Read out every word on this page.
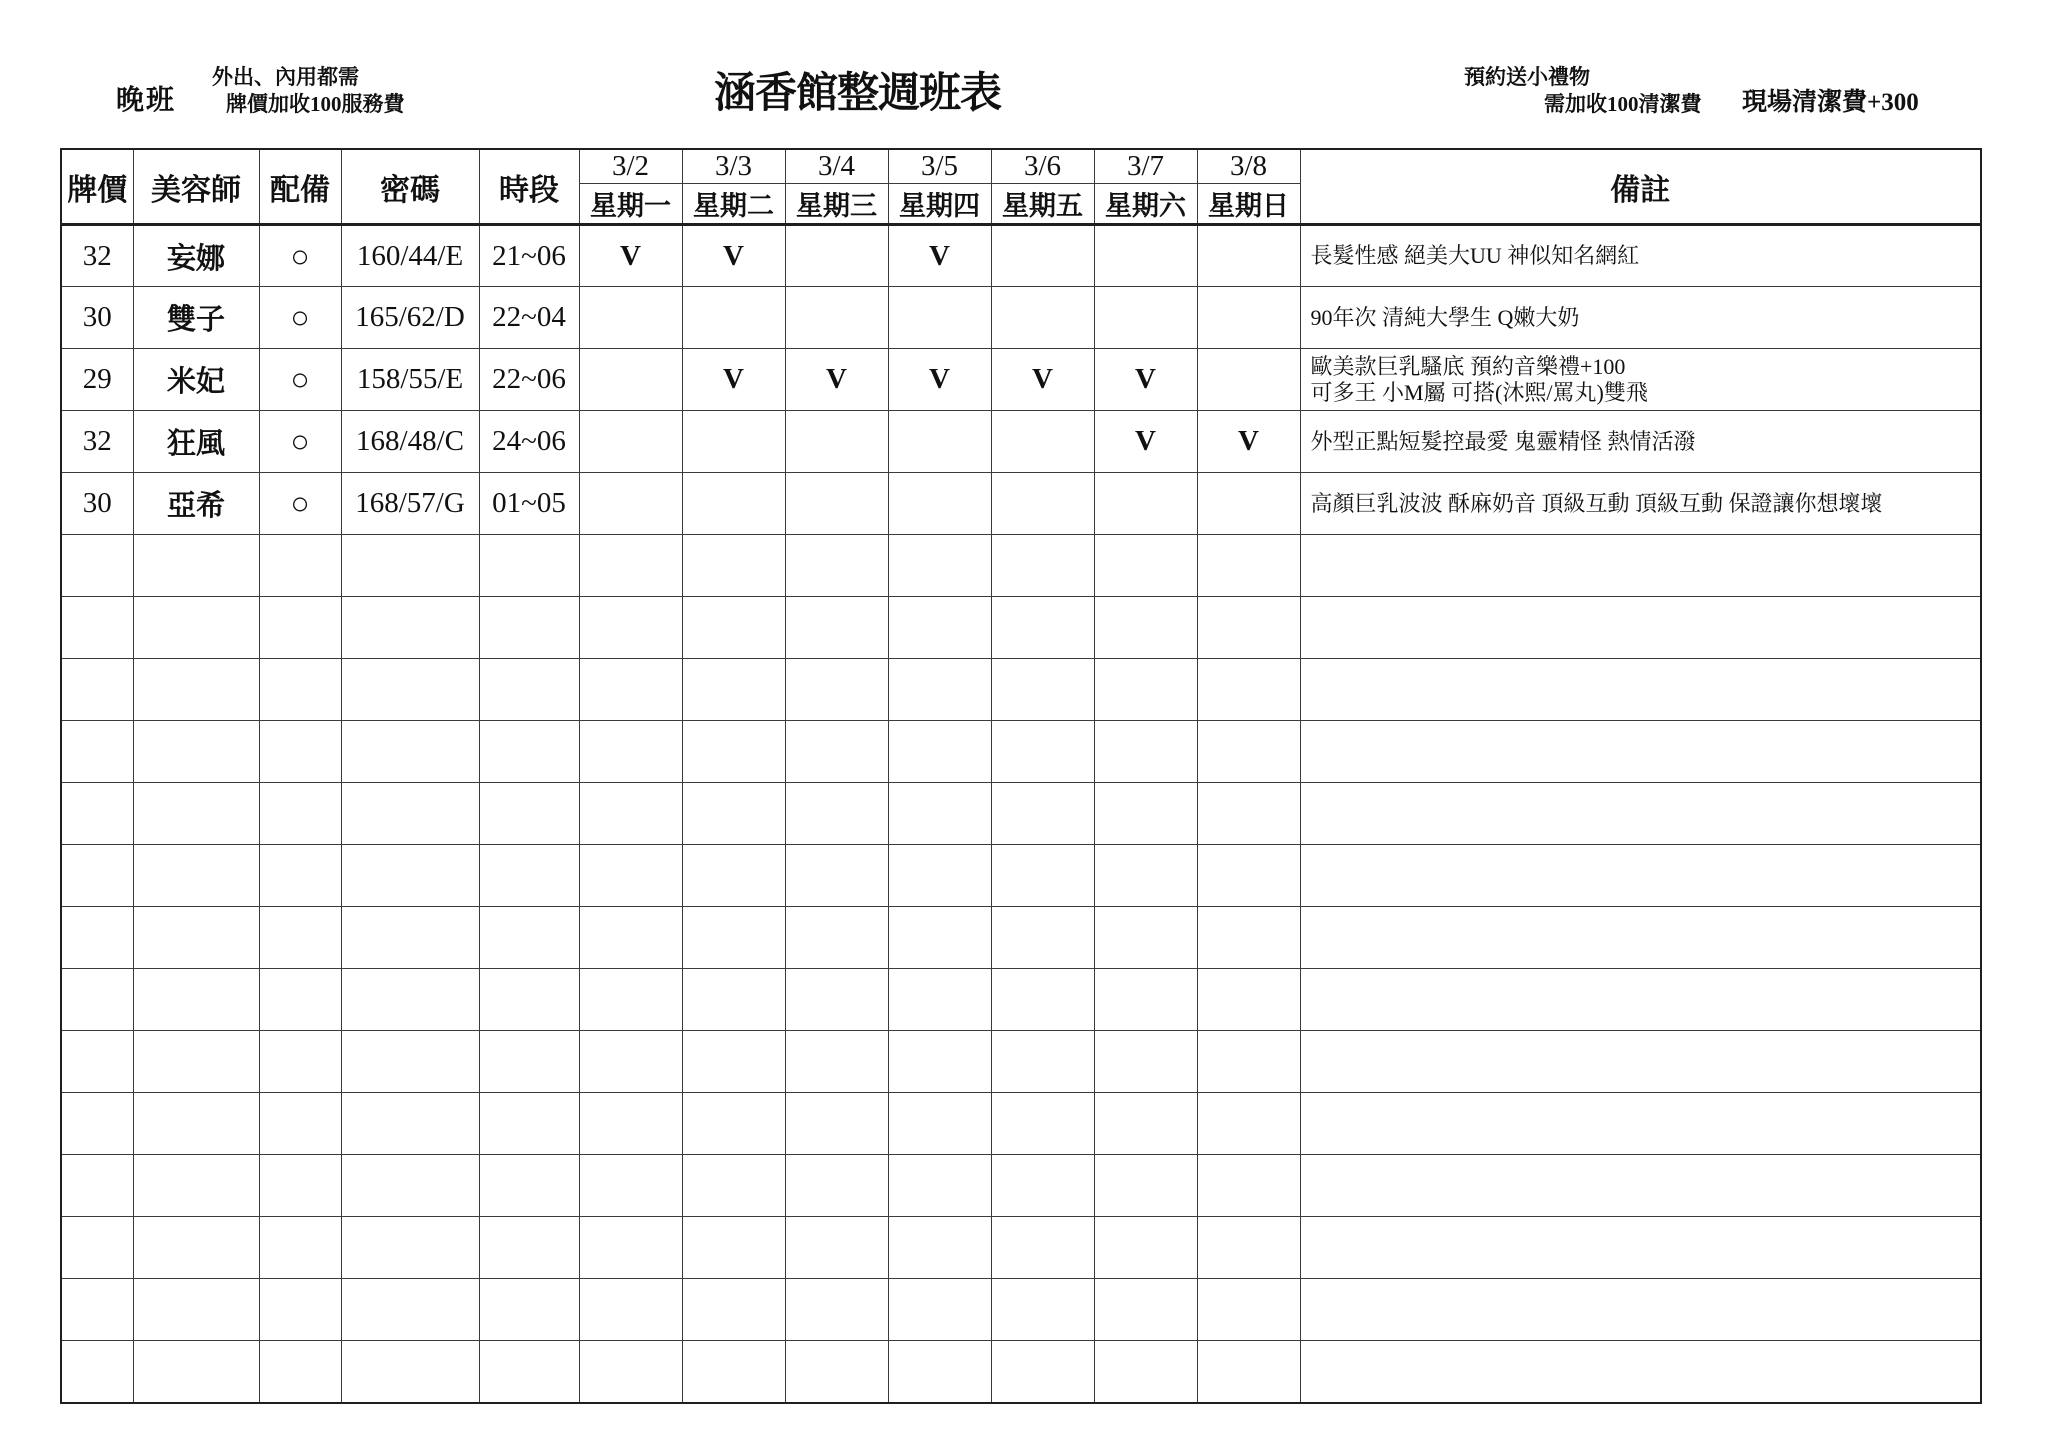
晚班
外出、內用都需
牌價加收100服務費	涵香館整週班表	預約送小禮物
需加收100清潔費 現場清潔費+300
牌價	美容師	配備	密碼	時段	3/2	3/3	3/4	3/5	3/6	3/7	3/8	備註
					星期一	星期二	星期三	星期四	星期五	星期六	星期日	
32	妄娜	○	160/44/E	21~06	V	V		V				長髮性感 絕美大UU 神似知名網紅

30	雙子	○	165/62/D	22~04								90年次 清純大學生 Q嫩大奶

29	米妃	○	158/55/E	22~06		V	V	V	V	V		歐美款巨乳騷底 預約音樂禮+100
可多王 小M屬 可搭(沐熙/罵丸)雙飛

32	狂風	○	168/48/C	24~06						V	V	外型正點短髮控最愛 鬼靈精怪 熱情活潑

30	亞希	○	168/57/G	01~05								高顏巨乳波波 酥麻奶音 頂級互動 頂級互動 保證讓你想壞壞
